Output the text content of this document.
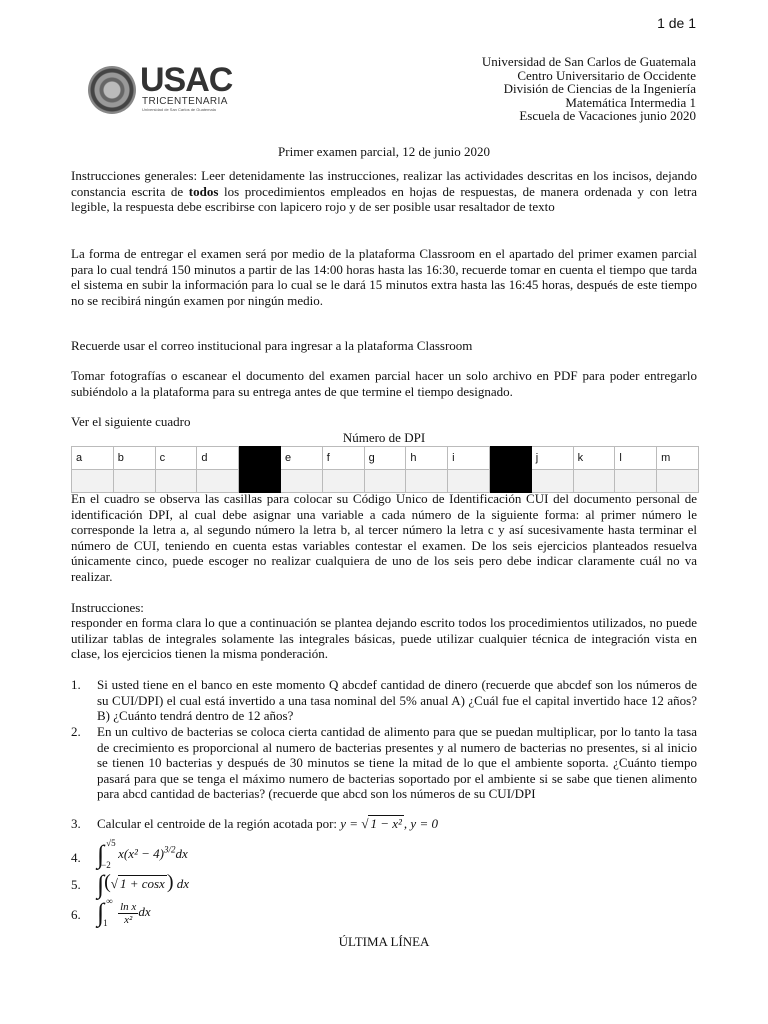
1 de 1
USAC
TRICENTENARIA
Universidad de San Carlos de Guatemala
Universidad de San Carlos de Guatemala
Centro Universitario de Occidente
División de Ciencias de la Ingeniería
Matemática Intermedia 1
Escuela de Vacaciones junio 2020
Primer examen parcial, 12 de junio 2020

Instrucciones generales: Leer detenidamente las instrucciones, realizar las actividades descritas en los incisos, dejando constancia escrita de todos los procedimientos empleados en hojas de respuestas, de manera ordenada y con letra legible, la respuesta debe escribirse con lapicero rojo y de ser posible usar resaltador de texto

La forma de entregar el examen será por medio de la plataforma Classroom en el apartado del primer examen parcial para lo cual tendrá 150 minutos a partir de las 14:00 horas hasta las 16:30, recuerde tomar en cuenta el tiempo que tarda el sistema en subir la información para lo cual se le dará 15 minutos extra hasta las 16:45 horas, después de este tiempo no se recibirá ningún examen por ningún medio.

Recuerde usar el correo institucional para ingresar a la plataforma Classroom

Tomar fotografías o escanear el documento del examen parcial hacer un solo archivo en PDF para poder entregarlo subiéndolo a la plataforma para su entrega antes de que termine el tiempo designado.

Ver el siguiente cuadro

Número de DPI
a	b	c	d		e	f	g	h	i		j	k	l	m

En el cuadro se observa las casillas para colocar su Código Unico de Identificación CUI del documento personal de identificación DPI, al cual debe asignar una variable a cada número de la siguiente forma: al primer número le corresponde la letra a, al segundo número la letra b, al tercer número la letra c y así sucesivamente hasta terminar el número de CUI, teniendo en cuenta estas variables contestar el examen. De los seis ejercicios planteados resuelva únicamente cinco, puede escoger no realizar cualquiera de uno de los seis pero debe indicar claramente cuál no va realizar.

Instrucciones:

responder en forma clara lo que a continuación se plantea dejando escrito todos los procedimientos utilizados, no puede utilizar tablas de integrales solamente las integrales básicas, puede utilizar cualquier técnica de integración vista en clase, los ejercicios tienen la misma ponderación.

1. Si usted tiene en el banco en este momento Q abcdef cantidad de dinero (recuerde que abcdef son los números de su CUI/DPI) el cual está invertido a una tasa nominal del 5% anual A) ¿Cuál fue el capital invertido hace 12 años? B) ¿Cuánto tendrá dentro de 12 años?
2. En un cultivo de bacterias se coloca cierta cantidad de alimento para que se puedan multiplicar, por lo tanto la tasa de crecimiento es proporcional al numero de bacterias presentes y al numero de bacterias no presentes, si al inicio se tienen 10 bacterias y después de 30 minutos se tiene la mitad de lo que el ambiente soporta. ¿Cuánto tiempo pasará para que se tenga el máximo numero de bacterias soportado por el ambiente si se sabe que tienen alimento para abcd cantidad de bacterias? (recuerde que abcd son los números de su CUI/DPI
3. Calcular el centroide de la región acotada por: y = √ 1 − x² , y = 0
4. ∫ √5
−2
$x(x^2 - 4)^{3/2}dx$
5. ∫(√ 1 + cosx ) dx
6. ∫ ∞
$1 \frac{\text{ln x}}{\text{x²}}$ dx
ÚLTIMA LÍNEA
